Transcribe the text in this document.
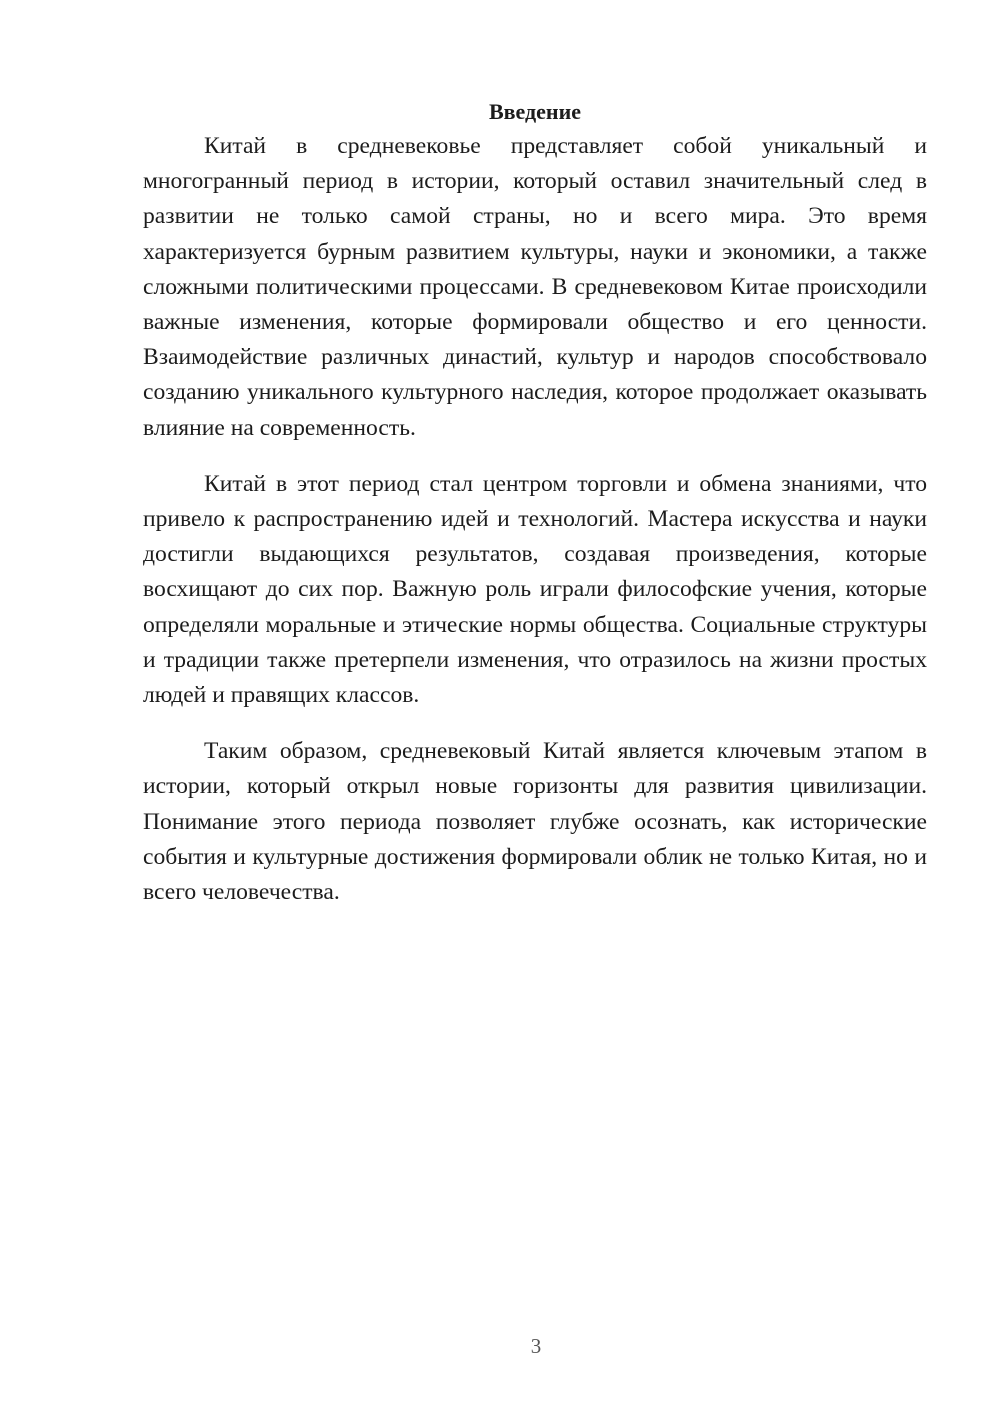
Введение

Китай в средневековье представляет собой уникальный и многогранный период в истории, который оставил значительный след в развитии не только самой страны, но и всего мира. Это время характеризуется бурным развитием культуры, науки и экономики, а также сложными политическими процессами. В средневековом Китае происходили важные изменения, которые формировали общество и его ценности. Взаимодействие различных династий, культур и народов способствовало созданию уникального культурного наследия, которое продолжает оказывать влияние на современность.

Китай в этот период стал центром торговли и обмена знаниями, что привело к распространению идей и технологий. Мастера искусства и науки достигли выдающихся результатов, создавая произведения, которые восхищают до сих пор. Важную роль играли философские учения, которые определяли моральные и этические нормы общества. Социальные структуры и традиции также претерпели изменения, что отразилось на жизни простых людей и правящих классов.

Таким образом, средневековый Китай является ключевым этапом в истории, который открыл новые горизонты для развития цивилизации. Понимание этого периода позволяет глубже осознать, как исторические события и культурные достижения формировали облик не только Китая, но и всего человечества.

3
